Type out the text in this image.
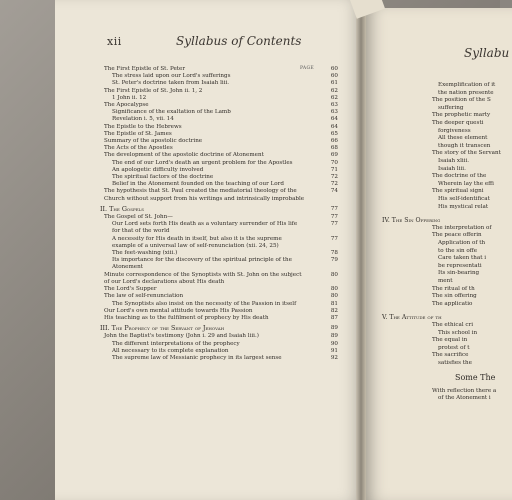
xii	Syllabus of Contents
PAGE
The First Epistle of St. Peter	60
The stress laid upon our Lord's sufferings	60
St. Peter's doctrine taken from Isaiah liii.	61
The First Epistle of St. John ii. 1, 2	62
1 John ii. 12	62
The Apocalypse	63
Significance of the exaltation of the Lamb	63
Revelation i. 5, vii. 14	64
The Epistle to the Hebrews	64
The Epistle of St. James	65
Summary of the apostolic doctrine	66
The Acts of the Apostles	68
The development of the apostolic doctrine of Atonement	69
The end of our Lord's death an urgent problem for the Apostles	70
An apologetic difficulty involved	71
The spiritual factors of the doctrine	72
Belief in the Atonement founded on the teaching of our Lord	72
The hypothesis that St. Paul created the mediatorial theology of the Church without support from his writings and intrinsically improbable
74
II. The Gospels	77
The Gospel of St. John—	77
Our Lord sets forth His death as a voluntary surrender of His life for that of the world
77
A necessity for His death in itself, but also it is the supreme example of a universal law of self-renunciation (xii. 24, 25)
77
The feet-washing (xiii.)	78
Its importance for the discovery of the spiritual principle of the Atonement
79
Minute correspondence of the Synoptists with St. John on the subject of our Lord's declarations about His death
80
The Lord's Supper	80
The law of self-renunciation	80
The Synoptists also insist on the necessity of the Passion in itself	81
Our Lord's own mental attitude towards His Passion	82
His teaching as to the fulfilment of prophecy by His death	87
III. The Prophecy of the Servant of Jehovah	89
John the Baptist's testimony (John i. 29 and Isaiah liii.)	89
The different interpretations of the prophecy	90
All necessary to its complete explanation	91
The supreme law of Messianic prophecy in its largest sense	92
Syllabu
Exemplification of it
the nation presente
The position of the S
suffering
The prophetic marty
The deeper questi
forgiveness
All these element
though it transcen
The story of the Servant
Isaiah xliii.
Isaiah liii.
The doctrine of the
Wherein lay the effi
The spiritual signi
His self-identificat
His mystical relat
IV. The Sin Offering
The interpretation of
The peace offerin
Application of th
to the sin offe
Care taken that i
be representati
Its sin-bearing
ment
The ritual of th
The sin offering
The applicatio
V. The Attitude of th
The ethical cri
This school in
The equal in
protest of t
The sacrifice
satisfies the
Some The
With reflection there a
of the Atonement i
